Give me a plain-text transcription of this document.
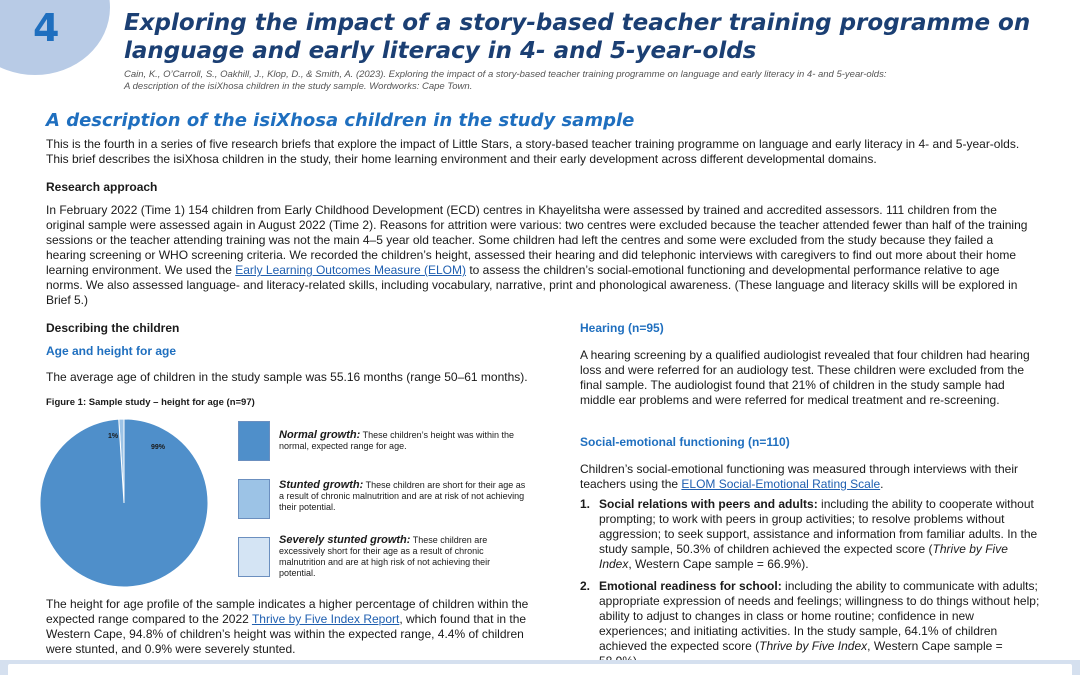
4	Exploring the impact of a story-based teacher training programme on language and early literacy in 4- and 5-year-olds
Cain, K., O’Carroll, S., Oakhill, J., Klop, D., & Smith, A. (2023). Exploring the impact of a story-based teacher training programme on language and early literacy in 4- and 5-year-olds:
A description of the isiXhosa children in the study sample. Wordworks: Cape Town.
A description of the isiXhosa children in the study sample
This is the fourth in a series of five research briefs that explore the impact of Little Stars, a story-based teacher training programme on language and early literacy in 4- and 5-year-olds. This brief describes the isiXhosa children in the study, their home learning environment and their early development across different developmental domains.
Research approach
In February 2022 (Time 1) 154 children from Early Childhood Development (ECD) centres in Khayelitsha were assessed by trained and accredited assessors. 111 children from the original sample were assessed again in August 2022 (Time 2). Reasons for attrition were various: two centres were excluded because the teacher attended fewer than half of the training sessions or the teacher attending training was not the main 4–5 year old teacher. Some children had left the centres and some were excluded from the study because they failed a hearing screening or WHO screening criteria. We recorded the children’s height, assessed their hearing and did telephonic interviews with caregivers to find out more about their home learning environment. We used the Early Learning Outcomes Measure (ELOM) to assess the children’s social-emotional functioning and developmental performance relative to age norms. We also assessed language- and literacy-related skills, including vocabulary, narrative, print and phonological awareness. (These language and literacy skills will be explored in Brief 5.)
Describing the children
Age and height for age
The average age of children in the study sample was 55.16 months (range 50–61 months).
Figure 1: Sample study – height for age (n=97)
1%
99%
Normal growth: These children’s height was within the normal, expected range for age.
Stunted growth: These children are short for their age as a result of chronic malnutrition and are at risk of not achieving their potential.
Severely stunted growth: These children are excessively short for their age as a result of chronic malnutrition and are at high risk of not achieving their potential.
The height for age profile of the sample indicates a higher percentage of children within the expected range compared to the 2022 Thrive by Five Index Report, which found that in the Western Cape, 94.8% of children’s height was within the expected range, 4.4% of children were stunted, and 0.9% were severely stunted.
Hearing (n=95)
A hearing screening by a qualified audiologist revealed that four children had hearing loss and were referred for an audiology test. These children were excluded from the final sample. The audiologist found that 21% of children in the study sample had middle ear problems and were referred for medical treatment and re-screening.
Social-emotional functioning (n=110)
Children’s social-emotional functioning was measured through interviews with their teachers using the ELOM Social-Emotional Rating Scale.
1. Social relations with peers and adults: including the ability to cooperate without prompting; to work with peers in group activities; to resolve problems without aggression; to seek support, assistance and information from familiar adults. In the study sample, 50.3% of children achieved the expected score (Thrive by Five Index, Western Cape sample = 66.9%).
2. Emotional readiness for school: including the ability to communicate with adults; appropriate expression of needs and feelings; willingness to do things without help; ability to adjust to changes in class or home routine; confidence in new experiences; and initiating activities. In the study sample, 64.1% of children achieved the expected score (Thrive by Five Index, Western Cape sample =
